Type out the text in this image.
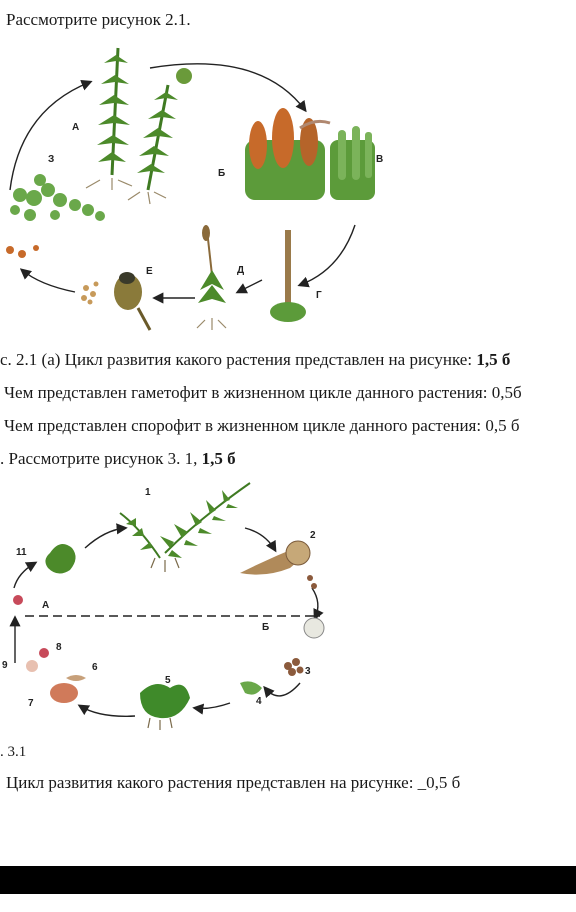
Рассмотрите рисунок 2.1.
А
Б
В
Г
Д
Е
З
с. 2.1 (а) Цикл развития какого растения представлен на рисунке: 1,5 б
Чем представлен гаметофит в жизненном цикле данного растения: 0,5б
Чем представлен спорофит в жизненном цикле данного растения: 0,5 б
. Рассмотрите рисунок 3. 1, 1,5 б
1
2
3
4
5
6
7
8
9
11
А
Б
. 3.1
Цикл развития какого растения представлен на рисунке: _0,5 б
